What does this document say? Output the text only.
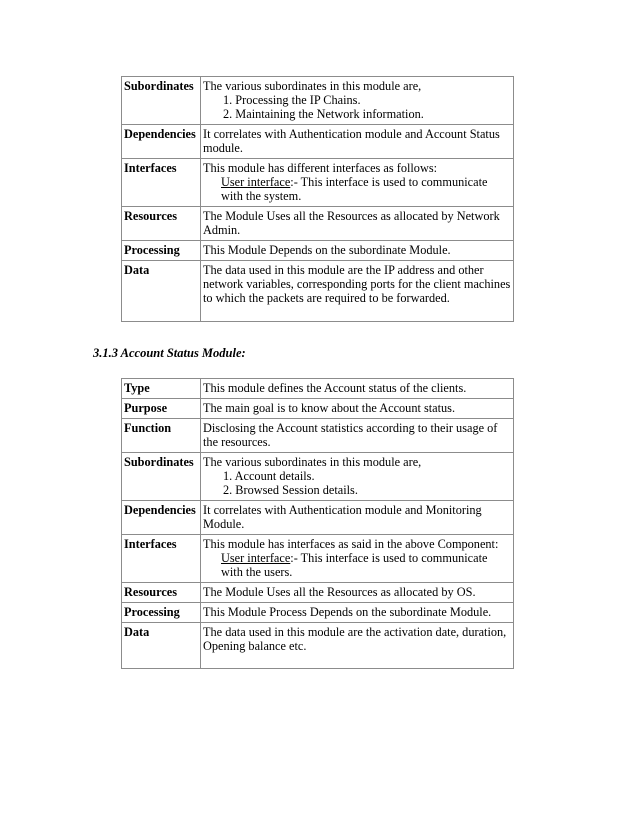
Subordinates	The various subordinates in this module are,
1. Processing the IP Chains.
2. Maintaining the Network information.

Dependencies	It correlates with Authentication module and Account Status module.
Interfaces	This module has different interfaces as follows:
User interface:- This interface is used to communicate
with the system.

Resources	The Module Uses all the Resources as allocated by Network Admin.
Processing	This Module Depends on the subordinate Module.
Data	The data used in this module are the IP address and other network variables, corresponding ports for the client machines to which the packets are required to be forwarded.
3.1.3 Account Status Module:
Type	This module defines the Account status of the clients.
Purpose	The main goal is to know about the Account status.
Function	Disclosing the Account statistics according to their usage of the resources.
Subordinates	The various subordinates in this module are,
1. Account details.
2. Browsed Session details.

Dependencies	It correlates with Authentication module and Monitoring Module.
Interfaces	This module has interfaces as said in the above Component:
User interface:- This interface is used to communicate
with the users.

Resources	The Module Uses all the Resources as allocated by OS.
Processing	This Module Process Depends on the subordinate Module.
Data	The data used in this module are the activation date, duration, Opening balance etc.
